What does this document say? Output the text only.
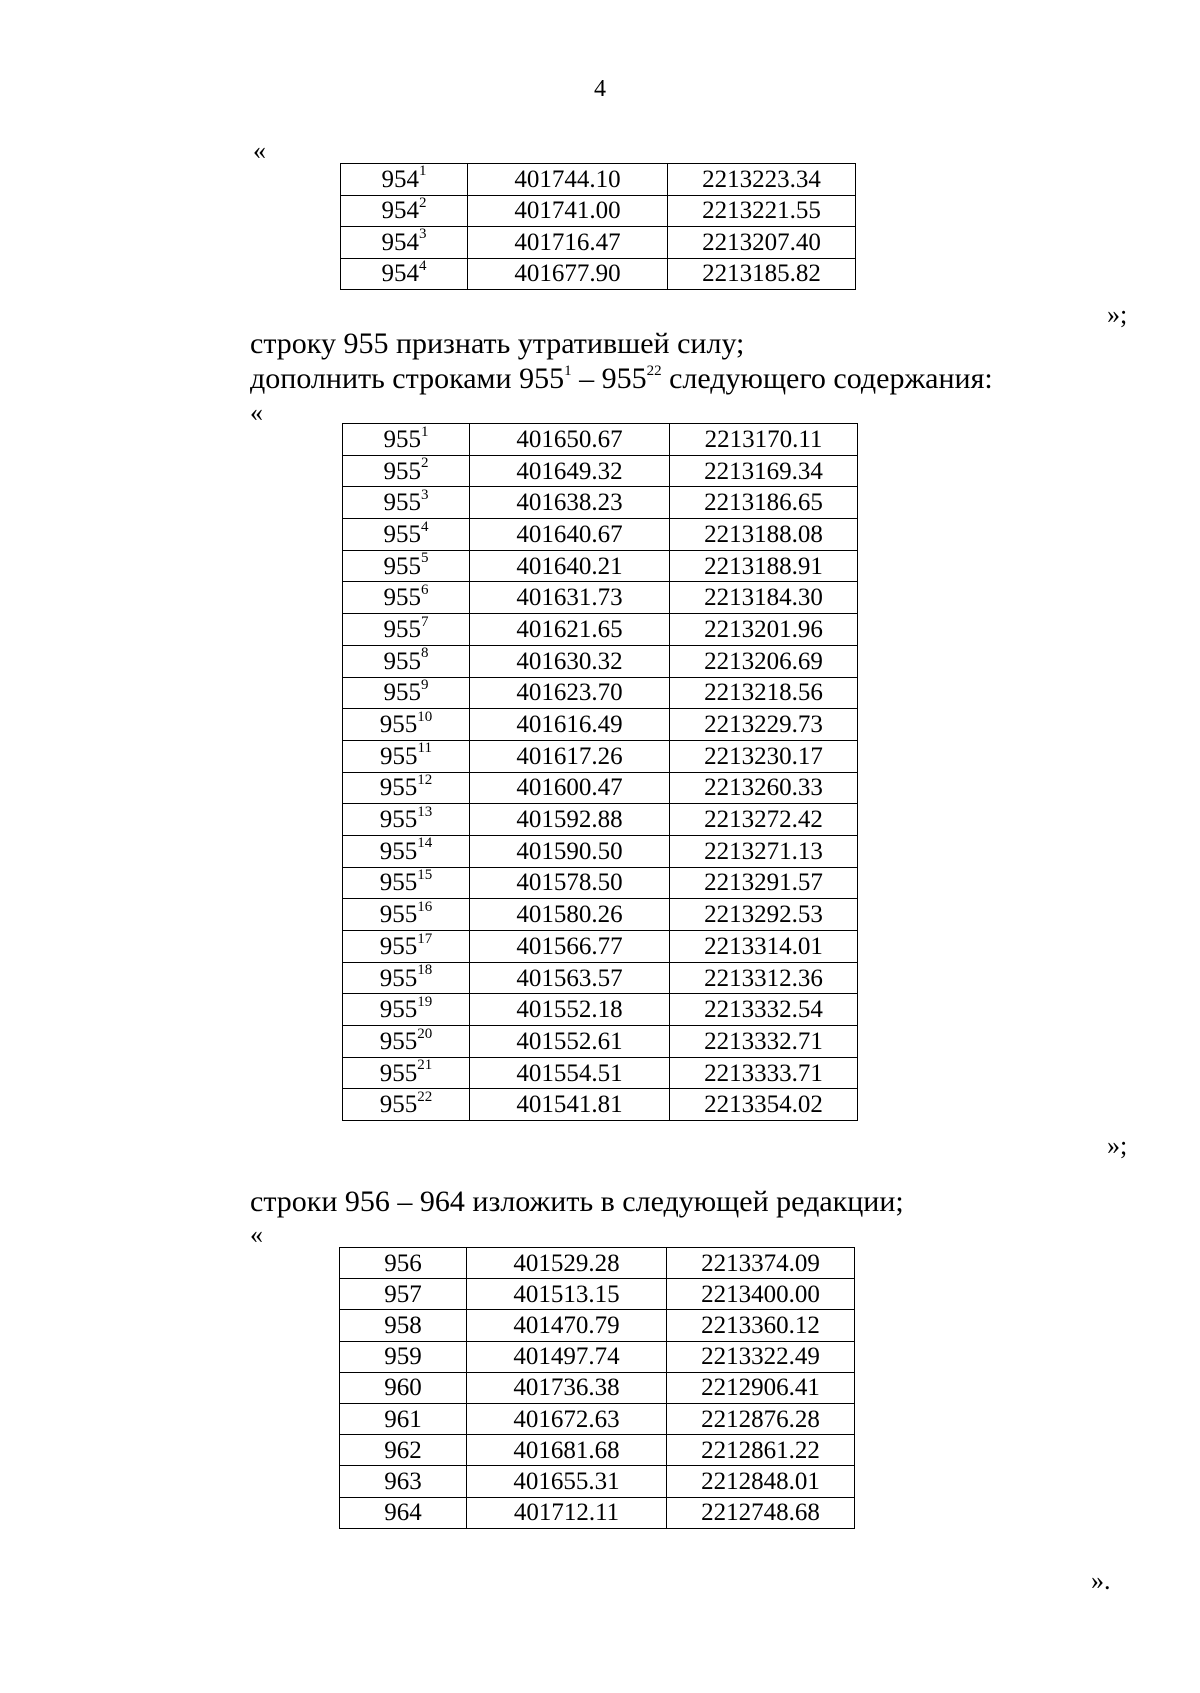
4
«
$954^1$	401744.10	2213223.34
$954^2$	401741.00	2213221.55
$954^3$	401716.47	2213207.40
$954^4$	401677.90	2213185.82
»;
строку 955 признать утратившей силу;
дополнить строками $955^1 - 955^{22}$ следующего содержания:
«
$955^1$	401650.67	2213170.11
$955^2$	401649.32	2213169.34
$955^3$	401638.23	2213186.65
$955^4$	401640.67	2213188.08
$955^5$	401640.21	2213188.91
$955^6$	401631.73	2213184.30
$955^7$	401621.65	2213201.96
$955^8$	401630.32	2213206.69
$955^9$	401623.70	2213218.56
$955^{10}$	401616.49	2213229.73
$955^{11}$	401617.26	2213230.17
$955^{12}$	401600.47	2213260.33
$955^{13}$	401592.88	2213272.42
$955^{14}$	401590.50	2213271.13
$955^{15}$	401578.50	2213291.57
$955^{16}$	401580.26	2213292.53
$955^{17}$	401566.77	2213314.01
$955^{18}$	401563.57	2213312.36
$955^{19}$	401552.18	2213332.54
$955^{20}$	401552.61	2213332.71
$955^{21}$	401554.51	2213333.71
$955^{22}$	401541.81	2213354.02
»;
строки 956 – 964 изложить в следующей редакции;
«
956	401529.28	2213374.09
957	401513.15	2213400.00
958	401470.79	2213360.12
959	401497.74	2213322.49
960	401736.38	2212906.41
961	401672.63	2212876.28
962	401681.68	2212861.22
963	401655.31	2212848.01
964	401712.11	2212748.68
».
